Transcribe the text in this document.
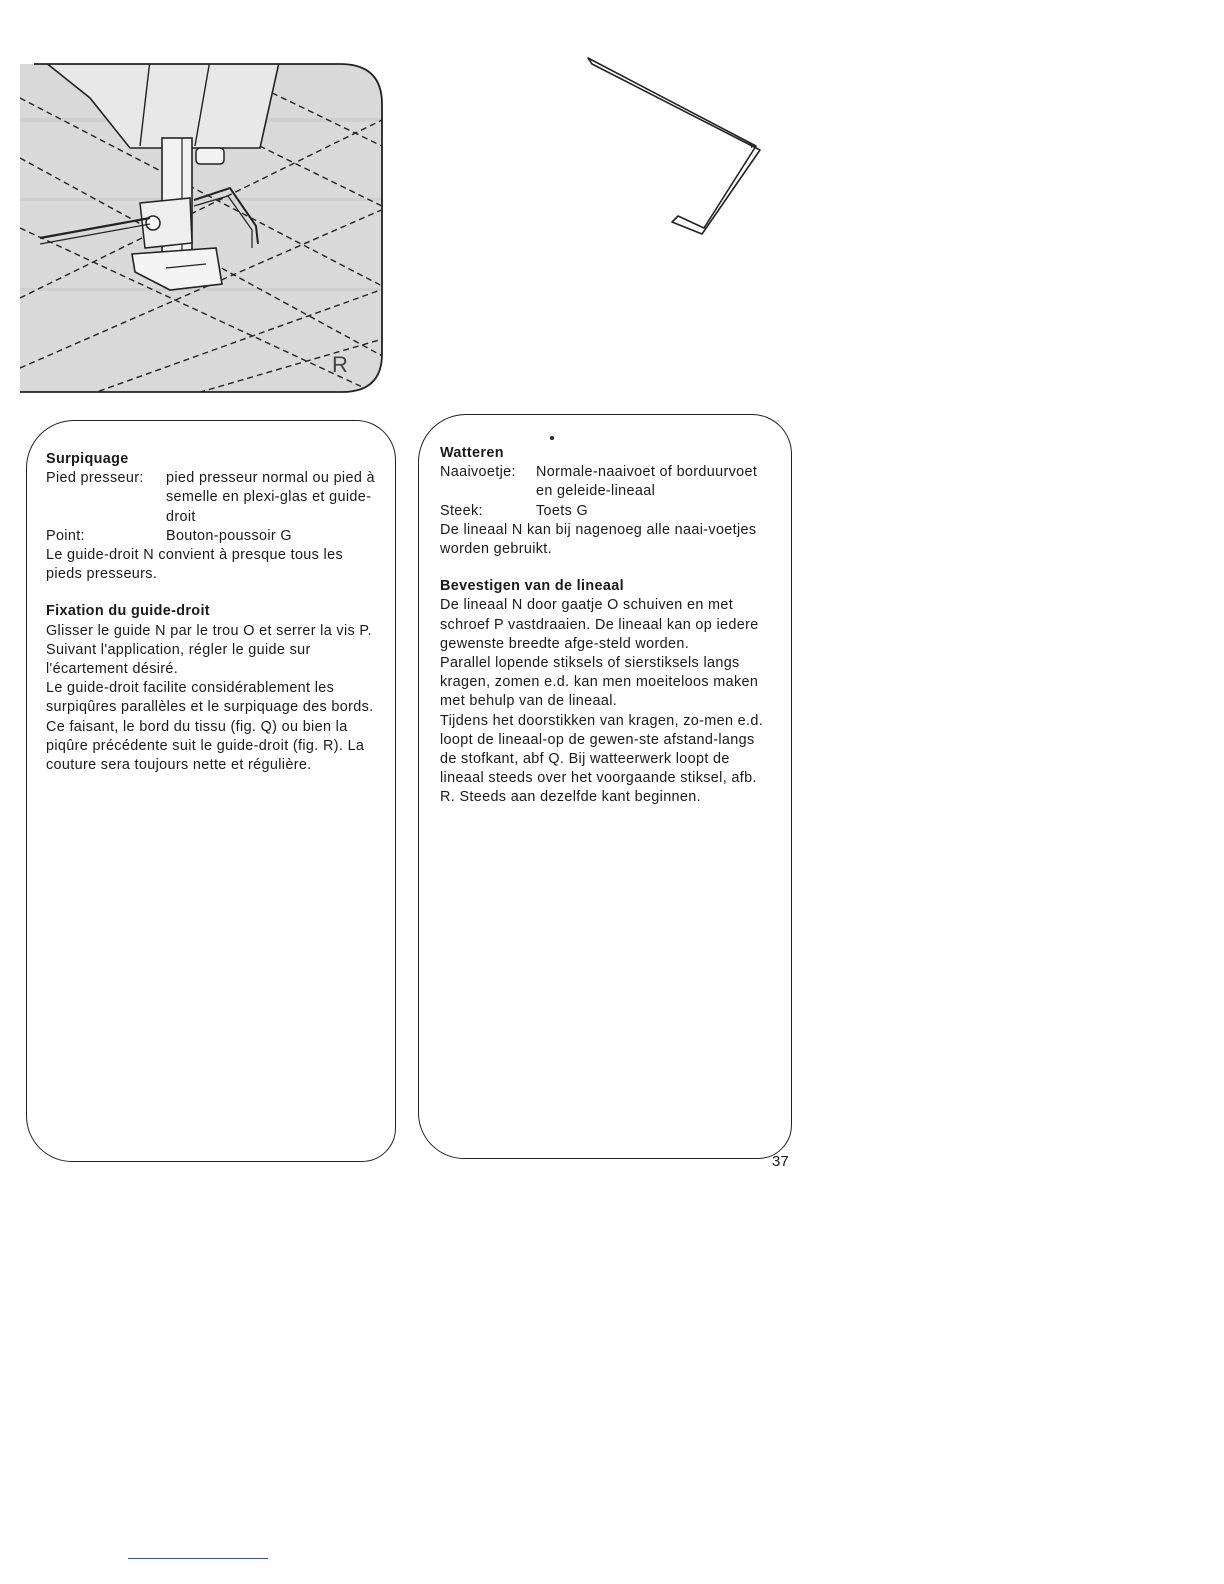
R

Surpiquage

Pied presseur:	pied presseur normal ou pied à semelle en plexi-glas et guide-droit
Point:	Bouton-poussoir G
Le guide-droit N convient à presque tous les pieds presseurs.

Fixation du guide-droit

Glisser le guide N par le trou O et serrer la vis P. Suivant l'application, régler le guide sur l'écartement désiré.
Le guide-droit facilite considérablement les surpiqûres parallèles et le surpiquage des bords. Ce faisant, le bord du tissu (fig. Q) ou bien la piqûre précédente suit le guide-droit (fig. R). La couture sera toujours nette et régulière.

Watteren

Naaivoetje:	Normale-naaivoet of borduurvoet en geleide-lineaal
Steek:	Toets G
De lineaal N kan bij nagenoeg alle naai-voetjes worden gebruikt.

Bevestigen van de lineaal

De lineaal N door gaatje O schuiven en met schroef P vastdraaien. De lineaal kan op iedere gewenste breedte afge-steld worden.
Parallel lopende stiksels of sierstiksels langs kragen, zomen e.d. kan men moeiteloos maken met behulp van de lineaal.
Tijdens het doorstikken van kragen, zo-men e.d. loopt de lineaal-op de gewen-ste afstand-langs de stofkant, abf Q. Bij watteerwerk loopt de lineaal steeds over het voorgaande stiksel, afb. R. Steeds aan dezelfde kant beginnen.
37
